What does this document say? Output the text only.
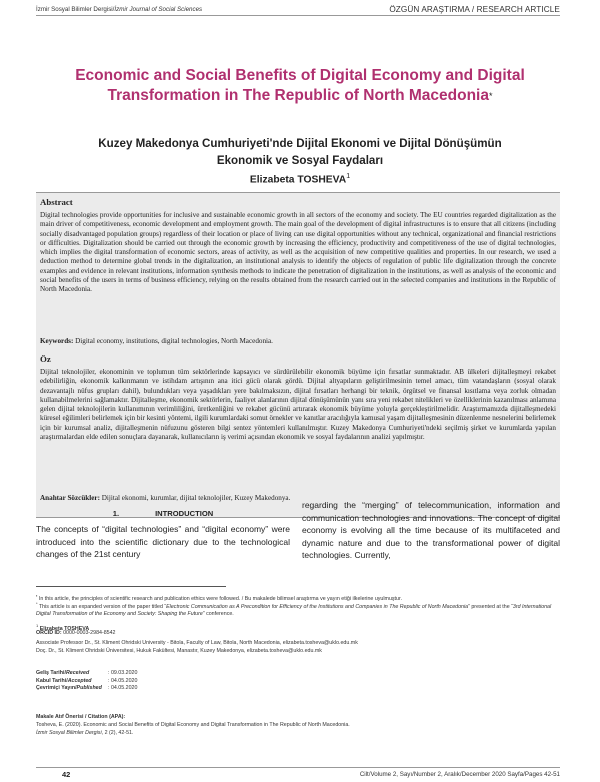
İzmir Sosyal Bilimler Dergisi/İzmir Journal of Social Sciences	ÖZGÜN ARAŞTIRMA / RESEARCH ARTICLE
Economic and Social Benefits of Digital Economy and Digital Transformation in The Republic of North Macedonia*
Kuzey Makedonya Cumhuriyeti'nde Dijital Ekonomi ve Dijital Dönüşümün Ekonomik ve Sosyal Faydaları
Elizabeta TOSHEVA$^1$
Abstract
Digital technologies provide opportunities for inclusive and sustainable economic growth in all sectors of the economy and society. The EU countries regarded digitalization as the main driver of competitiveness, economic development and employment growth. The main goal of the development of digital infrastructures is to ensure that all citizens (including socially disadvantaged population groups) regardless of their location or place of living can use digital opportunities without any technical, organizational and financial restrictions or difficulties. Digitalization should be carried out through the economic growth by increasing the efficiency, productivity and competitiveness of the use of digital technologies, which implies the digital transformation of economic sectors, areas of activity, as well as the acquisition of new competitive qualities and properties. In our research, we used a deduction method to determine global trends in the digitalization, an institutional analysis to identify the objects of regulation of public life digitalization through the concrete examples and evidence in relevant institutions, information synthesis methods to indicate the penetration of digitalization in the institutions, as well as analysis of the economic and social benefits of the users in terms of business efficiency, relying on the results obtained from the research carried out in the selected companies and institutions in the Republic of North Macedonia.
Keywords: Digital economy, institutions, digital technologies, North Macedonia.
Öz
Dijital teknolojiler, ekonominin ve toplumun tüm sektörlerinde kapsayıcı ve sürdürülebilir ekonomik büyüme için fırsatlar sunmaktadır. AB ülkeleri dijitalleşmeyi rekabet edebilirliğin, ekonomik kalkınmanın ve istihdam artışının ana itici gücü olarak gördü. Dijital altyapıların geliştirilmesinin temel amacı, tüm vatandaşların (sosyal olarak dezavantajlı nüfus grupları dahil), bulundukları veya yaşadıkları yere bakılmaksızın, dijital fırsatları herhangi bir teknik, örgütsel ve finansal kısıtlama veya zorluk olmadan kullanabilmelerini sağlamaktır. Dijitalleşme, ekonomik sektörlerin, faaliyet alanlarının dijital dönüşümünün yanı sıra yeni rekabet nitelikleri ve özelliklerinin kazanılması anlamına gelen dijital teknolojilerin kullanımının verimliliğini, üretkenliğini ve rekabet gücünü artırarak ekonomik büyüme yoluyla gerçekleştirilmelidir. Araştırmamızda dijitalleşmedeki küresel eğilimleri belirlemek için bir kesinti yöntemi, ilgili kurumlardaki somut örnekler ve kanıtlar aracılığıyla kamusal yaşam dijitalleşmesinin düzenlenme nesnelerini belirlemek için bir kurumsal analiz, dijitalleşmenin nüfuzunu gösteren bilgi sentez yöntemleri kullanılmıştır. Kuzey Makedonya Cumhuriyeti'ndeki seçilmiş şirket ve kurumlarda yapılan araştırmalardan elde edilen sonuçlara dayanarak, kullanıcıların iş verimi açısından ekonomik ve sosyal faydalarının analizi yapılmıştır.
Anahtar Sözcükler: Dijital ekonomi, kurumlar, dijital teknolojiler, Kuzey Makedonya.
1.	INTRODUCTION
The concepts of “digital technologies” and “digital economy” were introduced into the scientific dictionary due to the technological changes of the 21st century
regarding the “merging” of telecommunication, information and communication technologies and innovations. The concept of digital economy is evolving all the time because of its multifaceted and dynamic nature and due to the transformational power of digital technologies. Currently,
▪ In this article, the principles of scientific research and publication ethics were followed. / Bu makalede bilimsel araştırma ve yayın etiği ilkelerine uyulmuştur.
* This article is an expanded version of the paper titled “Electronic Communication as A Precondition for Efficiency of the Institutions and Companies in The Republic of North Macedonia” presented at the “3rd International Digital Transformation of the Economy and Society: Shaping the Future” conference.
$^1$ Elizabeta TOSHEVA
ORCID ID: 0000-0003-2984-8542
Associate Professor Dr., St. Kliment Ohridski University - Bitola, Faculty of Law, Bitola, North Macedonia, elizabeta.tosheva@uklo.edu.mk
Doç. Dr., St. Kliment Ohridski Üniversitesi, Hukuk Fakültesi, Manastır, Kuzey Makedonya, elizabeta.tosheva@uklo.edu.mk
Geliş Tarihi/Received	: 09.03.2020
Kabul Tarihi/Accepted	: 04.05.2020
Çevrimiçi Yayın/Published : 04.05.2020
Makale Atıf Önerisi / Citation (APA):
Tosheva, E. (2020). Economic and Social Benefits of Digital Economy and Digital Transformation in The Republic of North Macedonia.
İzmir Sosyal Bilimler Dergisi, 2 (2), 42-51.
42	Cilt/Volume 2, Sayı/Number 2, Aralık/December 2020 Sayfa/Pages 42-51
